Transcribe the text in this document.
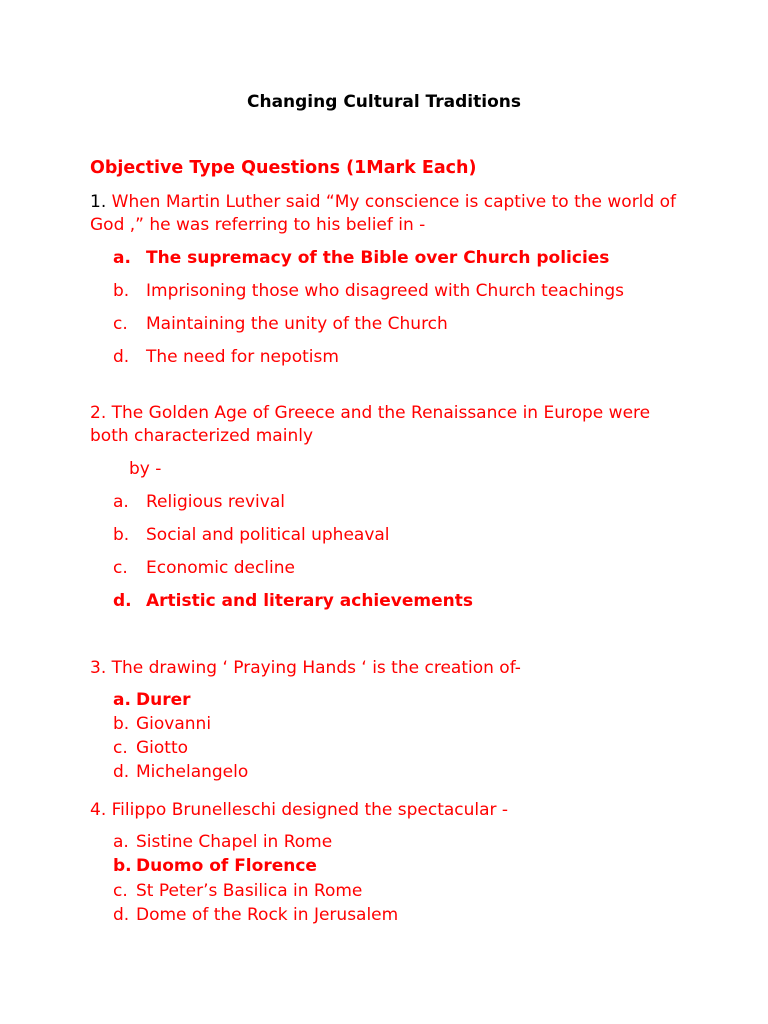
Changing Cultural Traditions
Objective Type Questions (1Mark Each)
1. When Martin Luther said “My conscience is captive to the world of God ,” he was referring to his belief in -
a. The supremacy of the Bible over Church policies
b. Imprisoning those who disagreed with Church teachings
c. Maintaining the unity of the Church
d. The need for nepotism
2. The Golden Age of Greece and the Renaissance in Europe were both characterized mainly
by -
a. Religious revival
b. Social and political upheaval
c. Economic decline
d. Artistic and literary achievements
3. The drawing ‘ Praying Hands ‘ is the creation of-
a. Durer
b. Giovanni
c. Giotto
d. Michelangelo
4. Filippo Brunelleschi designed the spectacular -
a. Sistine Chapel in Rome
b. Duomo of Florence
c. St Peter’s Basilica in Rome
d. Dome of the Rock in Jerusalem
